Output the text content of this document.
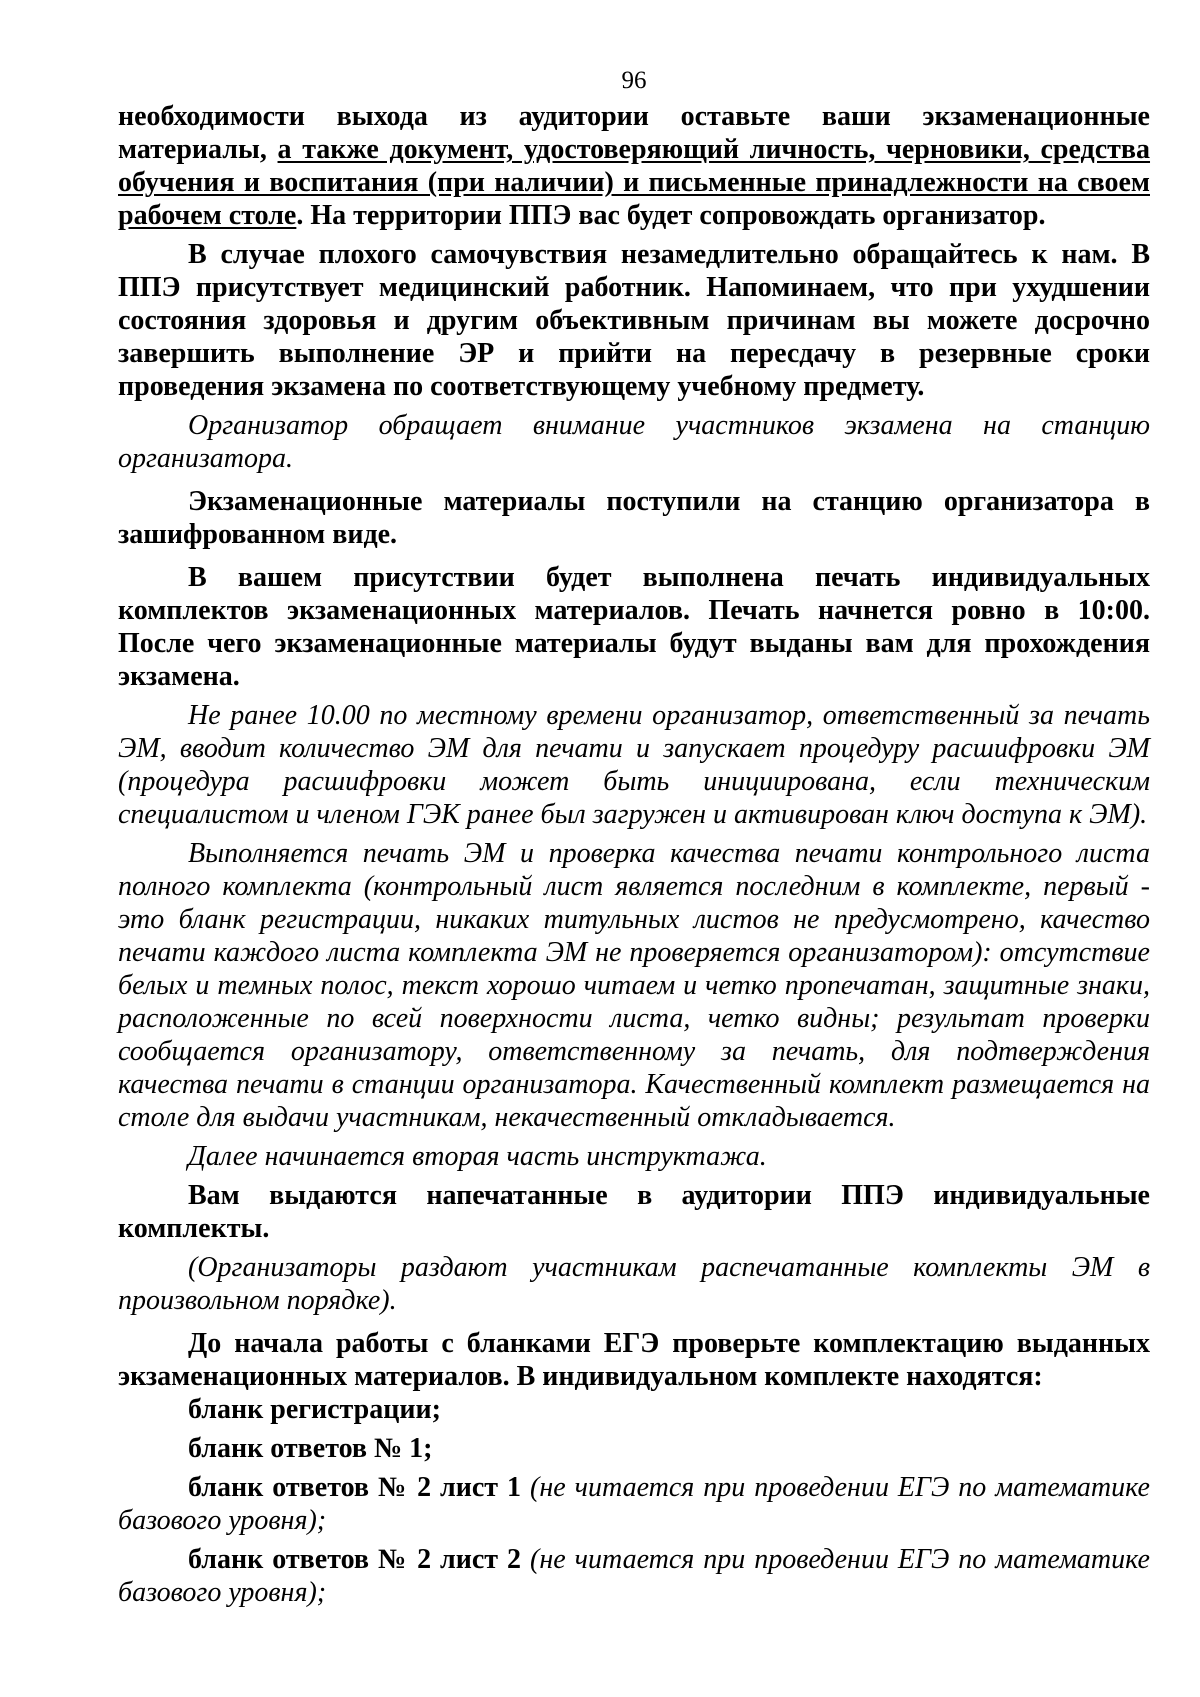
96

необходимости выхода из аудитории оставьте ваши экзаменационные материалы, а также документ, удостоверяющий личность, черновики, средства обучения и воспитания (при наличии) и письменные принадлежности на своем рабочем столе. На территории ППЭ вас будет сопровождать организатор.

В случае плохого самочувствия незамедлительно обращайтесь к нам. В ППЭ присутствует медицинский работник. Напоминаем, что при ухудшении состояния здоровья и другим объективным причинам вы можете досрочно завершить выполнение ЭР и прийти на пересдачу в резервные сроки проведения экзамена по соответствующему учебному предмету.

Организатор обращает внимание участников экзамена на станцию организатора.

Экзаменационные материалы поступили на станцию организатора в зашифрованном виде.

В вашем присутствии будет выполнена печать индивидуальных комплектов экзаменационных материалов. Печать начнется ровно в 10:00. После чего экзаменационные материалы будут выданы вам для прохождения экзамена.

Не ранее 10.00 по местному времени организатор, ответственный за печать ЭМ, вводит количество ЭМ для печати и запускает процедуру расшифровки ЭМ (процедура расшифровки может быть инициирована, если техническим специалистом и членом ГЭК ранее был загружен и активирован ключ доступа к ЭМ).

Выполняется печать ЭМ и проверка качества печати контрольного листа полного комплекта (контрольный лист является последним в комплекте, первый - это бланк регистрации, никаких титульных листов не предусмотрено, качество печати каждого листа комплекта ЭМ не проверяется организатором): отсутствие белых и темных полос, текст хорошо читаем и четко пропечатан, защитные знаки, расположенные по всей поверхности листа, четко видны; результат проверки сообщается организатору, ответственному за печать, для подтверждения качества печати в станции организатора. Качественный комплект размещается на столе для выдачи участникам, некачественный откладывается.

Далее начинается вторая часть инструктажа.

Вам выдаются напечатанные в аудитории ППЭ индивидуальные комплекты.

(Организаторы раздают участникам распечатанные комплекты ЭМ в произвольном порядке).

До начала работы с бланками ЕГЭ проверьте комплектацию выданных экзаменационных материалов. В индивидуальном комплекте находятся:

бланк регистрации;

бланк ответов № 1;

бланк ответов № 2 лист 1 (не читается при проведении ЕГЭ по математике базового уровня);

бланк ответов № 2 лист 2 (не читается при проведении ЕГЭ по математике базового уровня);
